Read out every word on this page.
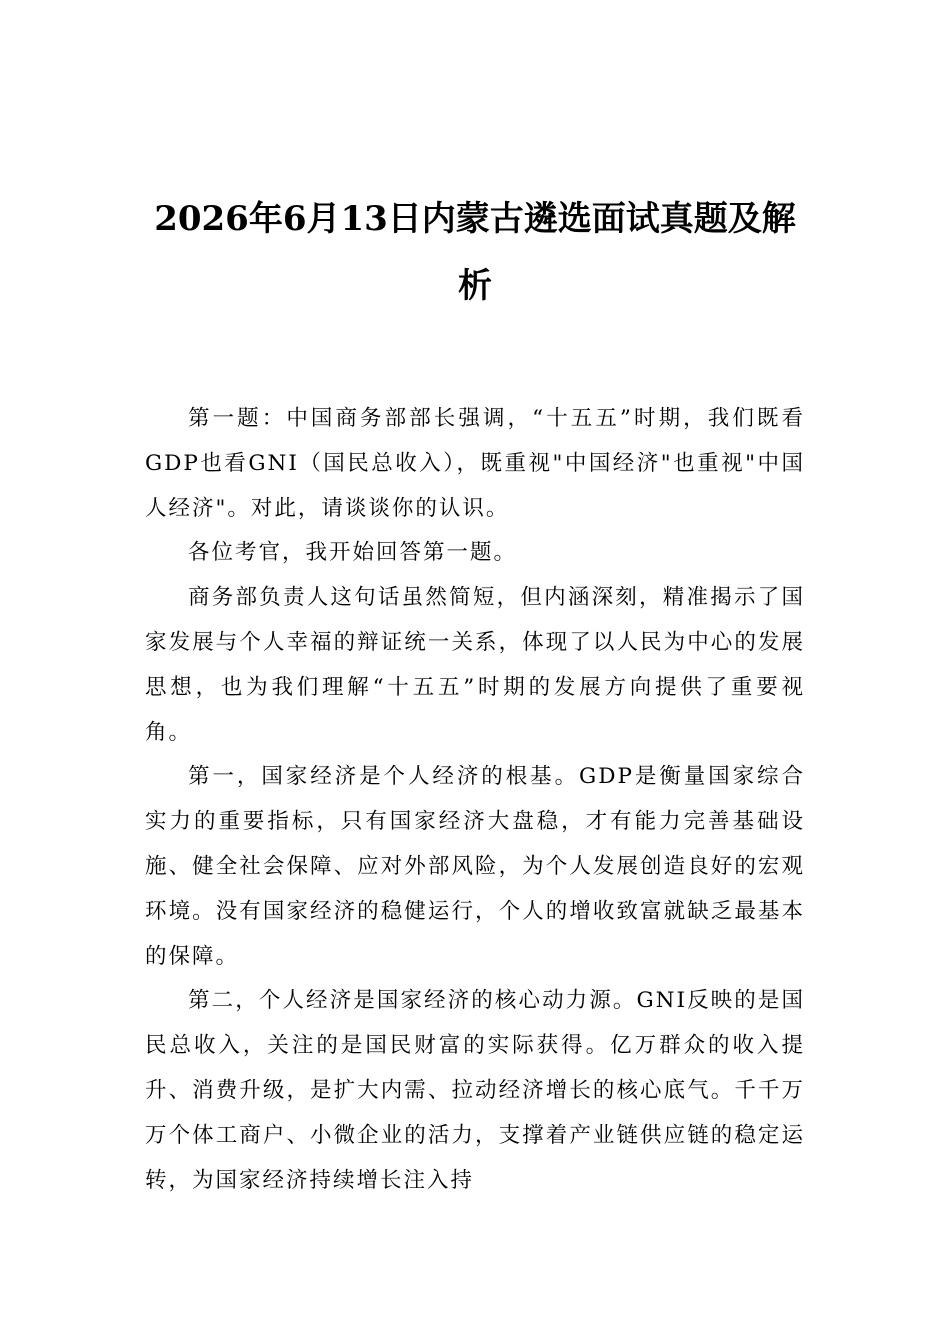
2026年6月13日内蒙古遴选面试真题及解析

第一题：中国商务部部长强调，“十五五”时期，我们既看GDP也看GNI（国民总收入），既重视"中国经济"也重视"中国人经济"。对此，请谈谈你的认识。

各位考官，我开始回答第一题。

商务部负责人这句话虽然简短，但内涵深刻，精准揭示了国家发展与个人幸福的辩证统一关系，体现了以人民为中心的发展思想，也为我们理解“十五五”时期的发展方向提供了重要视角。

第一，国家经济是个人经济的根基。GDP是衡量国家综合实力的重要指标，只有国家经济大盘稳，才有能力完善基础设施、健全社会保障、应对外部风险，为个人发展创造良好的宏观环境。没有国家经济的稳健运行，个人的增收致富就缺乏最基本的保障。

第二，个人经济是国家经济的核心动力源。GNI反映的是国民总收入，关注的是国民财富的实际获得。亿万群众的收入提升、消费升级，是扩大内需、拉动经济增长的核心底气。千千万万个体工商户、小微企业的活力，支撑着产业链供应链的稳定运转，为国家经济持续增长注入持
